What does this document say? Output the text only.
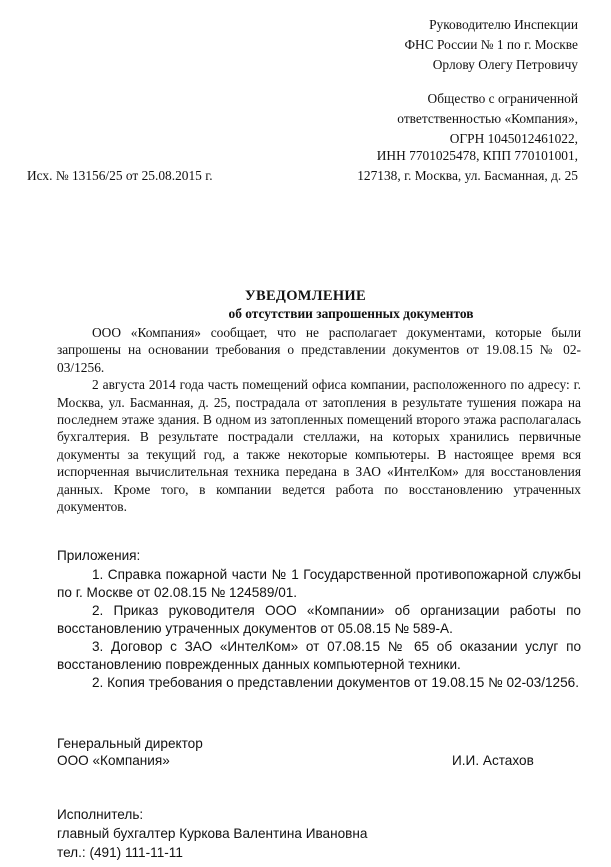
Руководителю Инспекции
ФНС России № 1 по г. Москве
Орлову Олегу Петровичу
Общество с ограниченной
ответственностью «Компания»,
ОГРН 1045012461022,
ИНН 7701025478, КПП 770101001,
127138, г. Москва, ул. Басманная, д. 25
Исх. № 13156/25 от 25.08.2015 г.
УВЕДОМЛЕНИЕ
об отсутствии запрошенных документов

ООО «Компания» сообщает, что не располагает документами, которые были запрошены на основании требования о представлении документов от 19.08.15 № 02-03/1256.

2 августа 2014 года часть помещений офиса компании, расположенного по адресу: г. Москва, ул. Басманная, д. 25, пострадала от затопления в результате тушения пожара на последнем этаже здания. В одном из затопленных помещений второго этажа располагалась бухгалтерия. В результате пострадали стеллажи, на которых хранились первичные документы за текущий год, а также некоторые компьютеры. В настоящее время вся испорченная вычислительная техника передана в ЗАО «ИнтелКом» для восстановления данных. Кроме того, в компании ведется работа по восстановлению утраченных документов.

Приложения:

1. Справка пожарной части № 1 Государственной противопожарной службы по г. Москве от 02.08.15 № 124589/01.

2. Приказ руководителя ООО «Компании» об организации работы по восстановлению утраченных документов от 05.08.15 № 589-А.

3. Договор с ЗАО «ИнтелКом» от 07.08.15 № 65 об оказании услуг по восстановлению поврежденных данных компьютерной техники.

2. Копия требования о представлении документов от 19.08.15 № 02-03/1256.

Генеральный директор
ООО «Компания»	И.И. Астахов
Исполнитель:
главный бухгалтер Куркова Валентина Ивановна
тел.: (491) 111-11-11
